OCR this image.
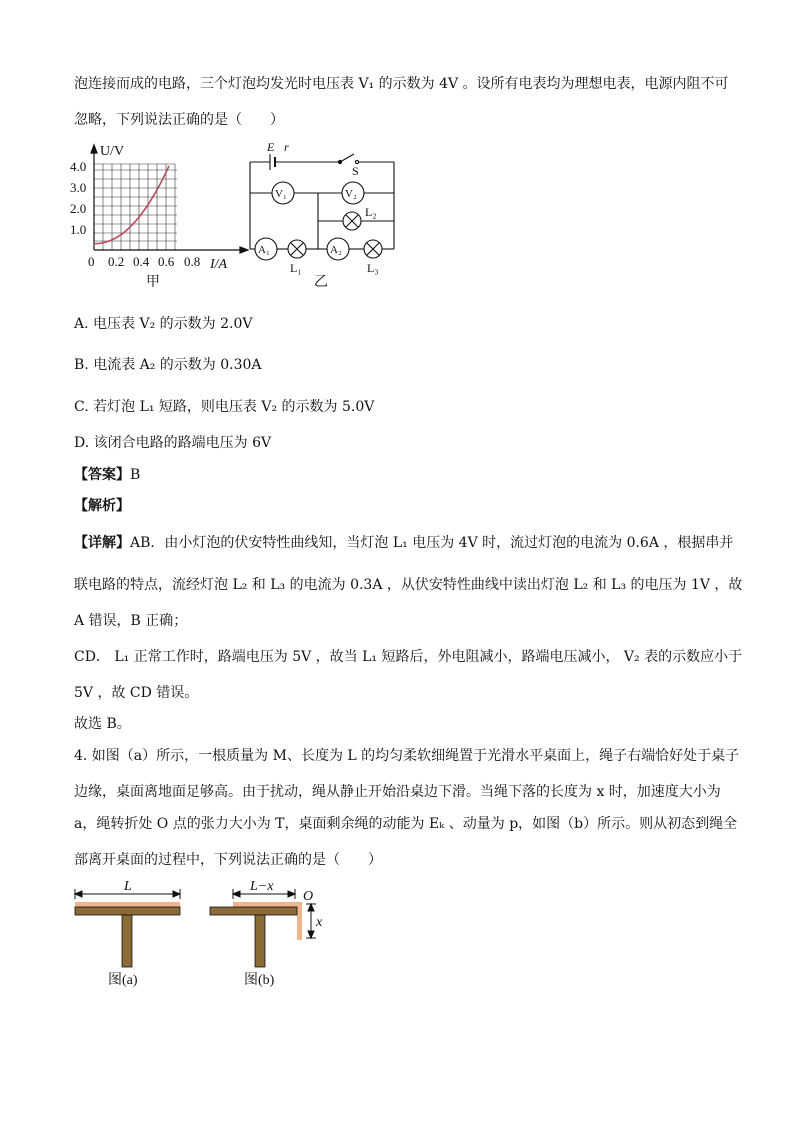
泡连接而成的电路，三个灯泡均发光时电压表 V₁ 的示数为 4V 。设所有电表均为理想电表，电源内阻不可
忽略，下列说法正确的是（　　）
U/V
4.0
3.0
2.0
1.0
0 0.2 0.4 0.6 0.8 I/A
甲
E r
S
V₁	V₂
L₂
A₁	A₂
L₁	L₃
乙
A. 电压表 V₂ 的示数为 2.0V
B. 电流表 A₂ 的示数为 0.30A
C. 若灯泡 L₁ 短路，则电压表 V₂ 的示数为 5.0V
D. 该闭合电路的路端电压为 6V
【答案】B
【解析】
【详解】AB．由小灯泡的伏安特性曲线知，当灯泡 L₁ 电压为 4V 时，流过灯泡的电流为 0.6A ，根据串并
联电路的特点，流经灯泡 L₂ 和 L₃ 的电流为 0.3A ，从伏安特性曲线中读出灯泡 L₂ 和 L₃ 的电压为 1V ，故
A 错误，B 正确；
CD． L₁ 正常工作时，路端电压为 5V ，故当 L₁ 短路后，外电阻减小，路端电压减小， V₂ 表的示数应小于
5V ，故 CD 错误。
故选 B。
4. 如图（a）所示，一根质量为 M、长度为 L 的均匀柔软细绳置于光滑水平桌面上，绳子右端恰好处于桌子
边缘，桌面离地面足够高。由于扰动，绳从静止开始沿桌边下滑。当绳下落的长度为 x 时，加速度大小为
a，绳转折处 O 点的张力大小为 T，桌面剩余绳的动能为 Eₖ 、动量为 p，如图（b）所示。则从初态到绳全
部离开桌面的过程中，下列说法正确的是（　　）
L
图(a)
L−x
O
x
图(b)
